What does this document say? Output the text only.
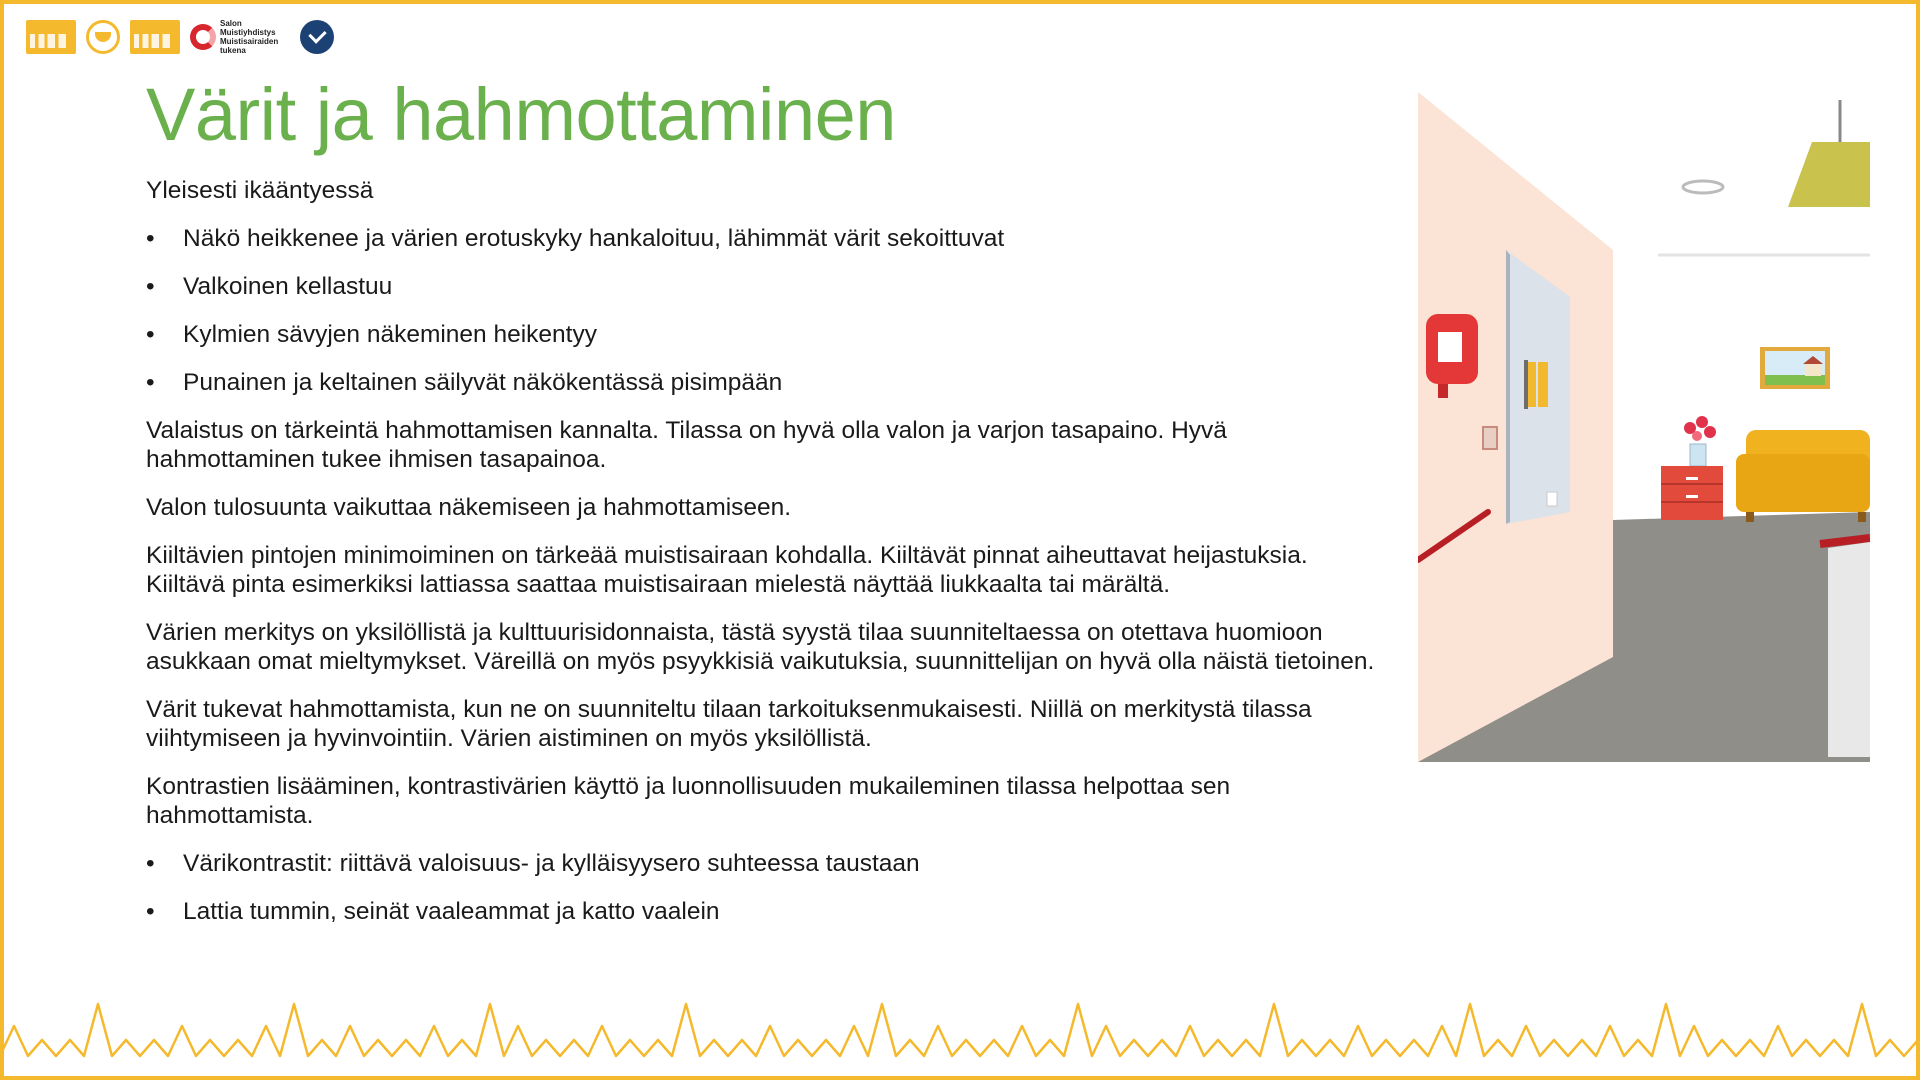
Salon
Muistiyhdistys
Muistisairaiden tukena
Värit ja hahmottaminen

Yleisesti ikääntyessä

• Näkö heikkenee ja värien erotuskyky hankaloituu, lähimmät värit sekoittuvat
• Valkoinen kellastuu
• Kylmien sävyjen näkeminen heikentyy
• Punainen ja keltainen säilyvät näkökentässä pisimpään

Valaistus on tärkeintä hahmottamisen kannalta. Tilassa on hyvä olla valon ja varjon tasapaino. Hyvä hahmottaminen tukee ihmisen tasapainoa.

Valon tulosuunta vaikuttaa näkemiseen ja hahmottamiseen.

Kiiltävien pintojen minimoiminen on tärkeää muistisairaan kohdalla. Kiiltävät pinnat aiheuttavat heijastuksia. Kiiltävä pinta esimerkiksi lattiassa saattaa muistisairaan mielestä näyttää liukkaalta tai märältä.

Värien merkitys on yksilöllistä ja kulttuurisidonnaista, tästä syystä tilaa suunniteltaessa on otettava huomioon asukkaan omat mieltymykset. Väreillä on myös psyykkisiä vaikutuksia, suunnittelijan on hyvä olla näistä tietoinen.

Värit tukevat hahmottamista, kun ne on suunniteltu tilaan tarkoituksenmukaisesti. Niillä on merkitystä tilassa viihtymiseen ja hyvinvointiin. Värien aistiminen on myös yksilöllistä.

Kontrastien lisääminen, kontrastivärien käyttö ja luonnollisuuden mukaileminen tilassa helpottaa sen hahmottamista.

• Värikontrastit: riittävä valoisuus- ja kylläisyysero suhteessa taustaan
• Lattia tummin, seinät vaaleammat ja katto vaalein
